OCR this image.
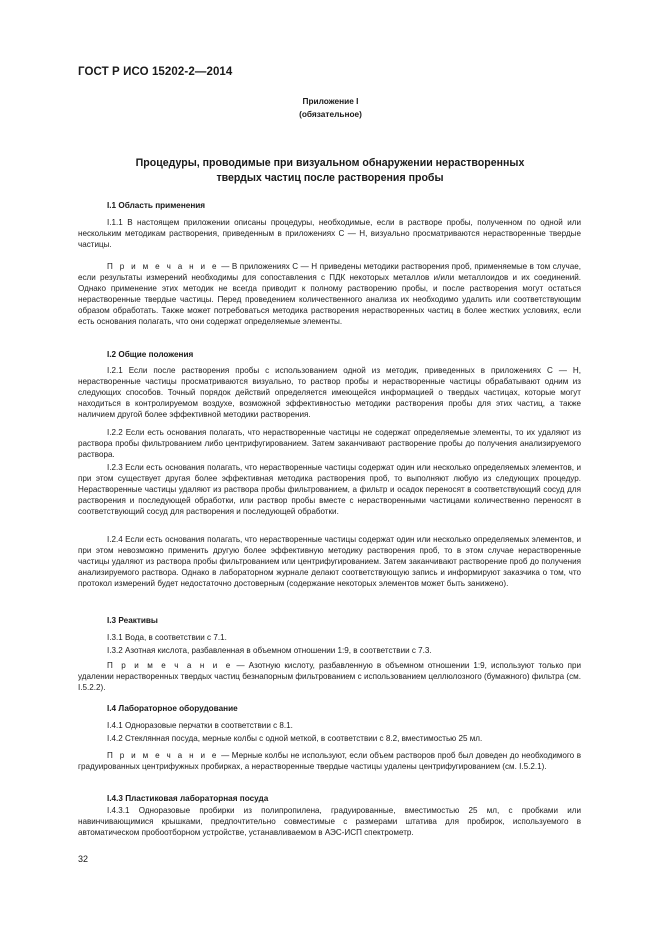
ГОСТ Р ИСО 15202-2—2014
Приложение I
(обязательное)
Процедуры, проводимые при визуальном обнаружении нерастворенных
твердых частиц после растворения пробы
I.1 Область применения
I.1.1 В настоящем приложении описаны процедуры, необходимые, если в растворе пробы, полученном по одной или нескольким методикам растворения, приведенным в приложениях С — Н, визуально просматриваются нерастворенные твердые частицы.
П р и м е ч а н и е — В приложениях С — Н приведены методики растворения проб, применяемые в том случае, если результаты измерений необходимы для сопоставления с ПДК некоторых металлов и/или металлоидов и их соединений. Однако применение этих методик не всегда приводит к полному растворению пробы, и после растворения могут остаться нерастворенные твердые частицы. Перед проведением количественного анализа их необходимо удалить или соответствующим образом обработать. Также может потребоваться методика растворения нерастворенных частиц в более жестких условиях, если есть основания полагать, что они содержат определяемые элементы.
I.2 Общие положения
I.2.1 Если после растворения пробы с использованием одной из методик, приведенных в приложениях С — Н, нерастворенные частицы просматриваются визуально, то раствор пробы и нерастворенные частицы обрабатывают одним из следующих способов. Точный порядок действий определяется имеющейся информацией о твердых частицах, которые могут находиться в контролируемом воздухе, возможной эффективностью методики растворения пробы для этих частиц, а также наличием другой более эффективной методики растворения.
I.2.2 Если есть основания полагать, что нерастворенные частицы не содержат определяемые элементы, то их удаляют из раствора пробы фильтрованием либо центрифугированием. Затем заканчивают растворение пробы до получения анализируемого раствора.
I.2.3 Если есть основания полагать, что нерастворенные частицы содержат один или несколько определяемых элементов, и при этом существует другая более эффективная методика растворения проб, то выполняют любую из следующих процедур. Нерастворенные частицы удаляют из раствора пробы фильтрованием, а фильтр и осадок переносят в соответствующий сосуд для растворения и последующей обработки, или раствор пробы вместе с нерастворенными частицами количественно переносят в соответствующий сосуд для растворения и последующей обработки.
I.2.4 Если есть основания полагать, что нерастворенные частицы содержат один или несколько определяемых элементов, и при этом невозможно применить другую более эффективную методику растворения проб, то в этом случае нерастворенные частицы удаляют из раствора пробы фильтрованием или центрифугированием. Затем заканчивают растворение проб до получения анализируемого раствора. Однако в лабораторном журнале делают соответствующую запись и информируют заказчика о том, что протокол измерений будет недостаточно достоверным (содержание некоторых элементов может быть занижено).
I.3 Реактивы
I.3.1 Вода, в соответствии с 7.1.
I.3.2 Азотная кислота, разбавленная в объемном отношении 1:9, в соответствии с 7.3.
П р и м е ч а н и е — Азотную кислоту, разбавленную в объемном отношении 1:9, используют только при удалении нерастворенных твердых частиц безнапорным фильтрованием с использованием целлюлозного (бумажного) фильтра (см. I.5.2.2).
I.4 Лабораторное оборудование
I.4.1 Одноразовые перчатки в соответствии с 8.1.
I.4.2 Стеклянная посуда, мерные колбы с одной меткой, в соответствии с 8.2, вместимостью 25 мл.
П р и м е ч а н и е — Мерные колбы не используют, если объем растворов проб был доведен до необходимого в градуированных центрифужных пробирках, а нерастворенные твердые частицы удалены центрифугированием (см. I.5.2.1).
I.4.3 Пластиковая лабораторная посуда
I.4.3.1 Одноразовые пробирки из полипропилена, градуированные, вместимостью 25 мл, с пробками или навинчивающимися крышками, предпочтительно совместимые с размерами штатива для пробирок, используемого в автоматическом пробоотборном устройстве, устанавливаемом в АЭС-ИСП спектрометр.
32
